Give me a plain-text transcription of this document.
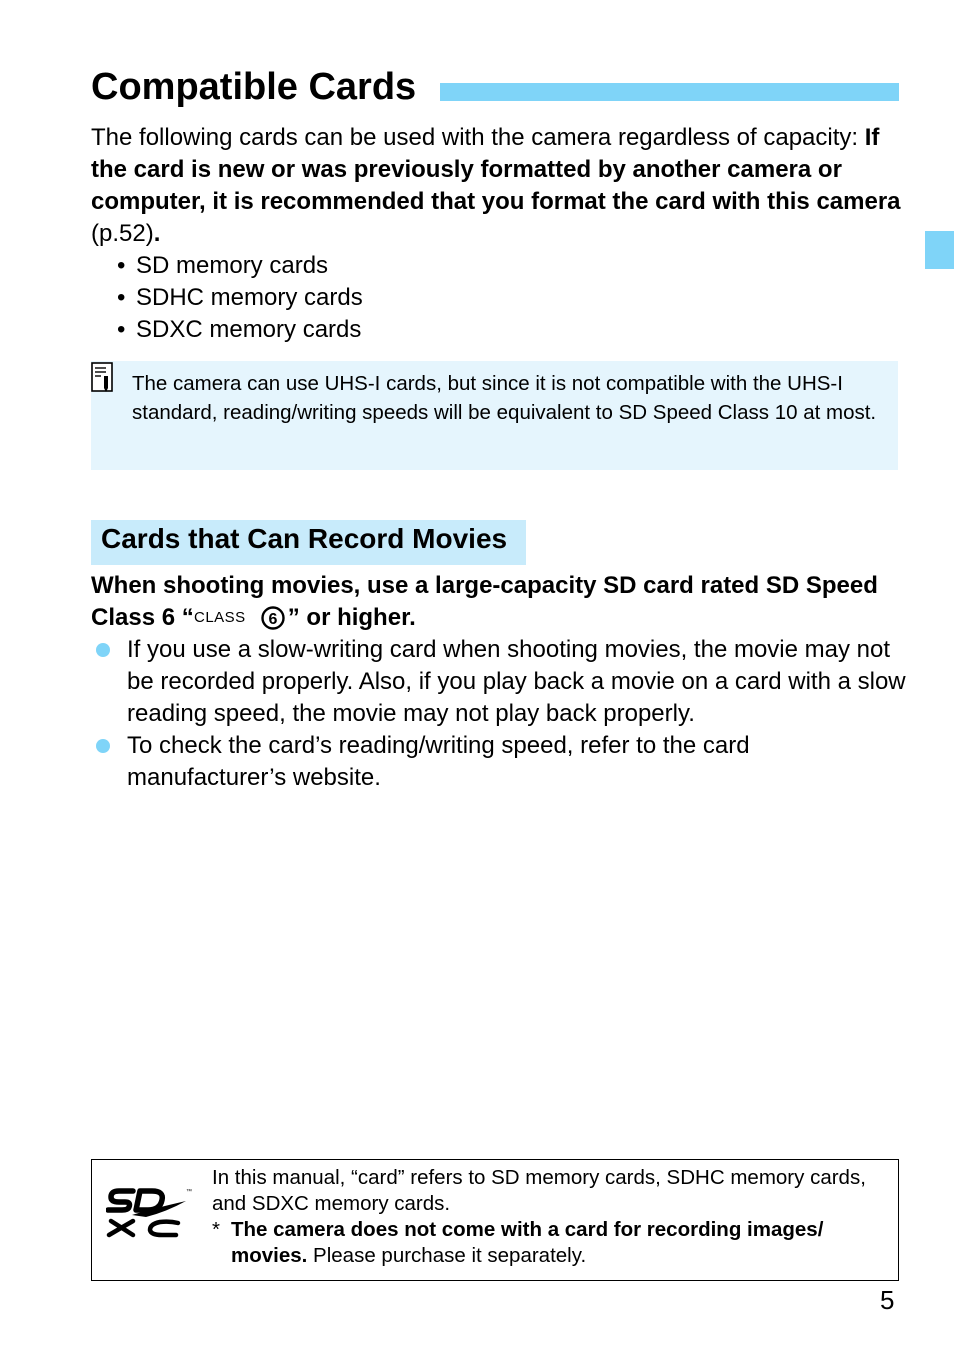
Compatible Cards

The following cards can be used with the camera regardless of capacity: If the card is new or was previously formatted by another camera or computer, it is recommended that you format the card with this camera (p.52).

• SD memory cards
• SDHC memory cards
• SDXC memory cards

The camera can use UHS-I cards, but since it is not compatible with the UHS-I standard, reading/writing speeds will be equivalent to SD Speed Class 10 at most.

Cards that Can Record Movies

When shooting movies, use a large-capacity SD card rated SD Speed Class 6 “ CLASS 6 ” or higher.

If you use a slow-writing card when shooting movies, the movie may not be recorded properly. Also, if you play back a movie on a card with a slow reading speed, the movie may not play back properly.

To check the card’s reading/writing speed, refer to the card manufacturer’s website.

™

In this manual, “card” refers to SD memory cards, SDHC memory cards, and SDXC memory cards.

* The camera does not come with a card for recording images/ movies. Please purchase it separately.

5
